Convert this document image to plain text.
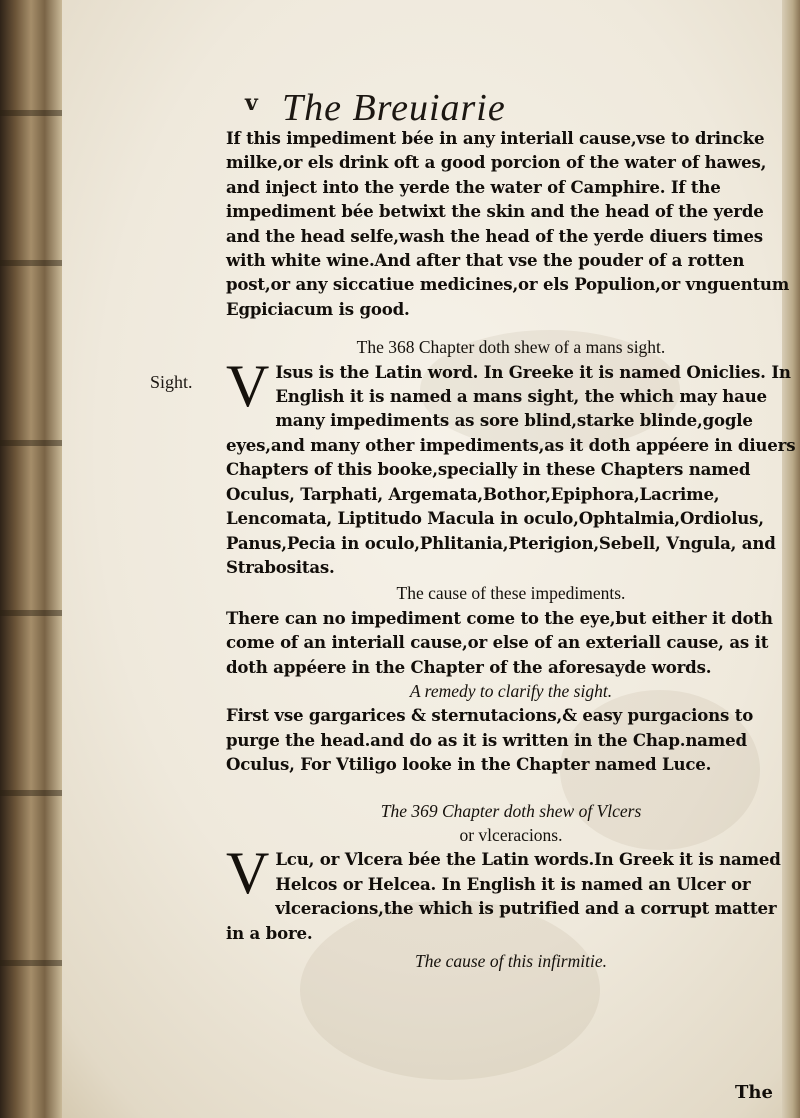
v The Breuiarie
Sight.

If this impediment bée in any interiall cause,vse to drincke milke,or els drink oft a good porcion of the water of hawes, and inject into the yerde the water of Camphire. If the impediment bée betwixt the skin and the head of the yerde and the head selfe,wash the head of the yerde diuers times with white wine.And after that vse the pouder of a rotten post,or any siccatiue medicines,or els Populion,or vnguentum Egpiciacum is good.

The 368 Chapter doth shew of a mans sight.

V Isus is the Latin word. In Greeke it is named Oniclies. In English it is named a mans sight, the which may haue many impediments as sore blind,starke blinde,gogle eyes,and many other impediments,as it doth appéere in diuers Chapters of this booke,specially in these Chapters named Oculus, Tarphati, Argemata,Bothor,Epiphora,Lacrime, Lencomata, Liptitudo Macula in oculo,Ophtalmia,Ordiolus, Panus,Pecia in oculo,Phlitania,Pterigion,Sebell, Vngula, and Strabositas.

The cause of these impediments.

There can no impediment come to the eye,but either it doth come of an interiall cause,or else of an exteriall cause, as it doth appéere in the Chapter of the aforesayde words.

A remedy to clarify the sight.

First vse gargarices & sternutacions,& easy purgacions to purge the head.and do as it is written in the Chap.named Oculus, For Vtiligo looke in the Chapter named Luce.

The 369 Chapter doth shew of Vlcers

or vlceracions.

V Lcu, or Vlcera bée the Latin words.In Greek it is named Helcos or Helcea. In English it is named an Ulcer or vlceracions,the which is putrified and a corrupt matter in a bore.

The cause of this infirmitie.

The
